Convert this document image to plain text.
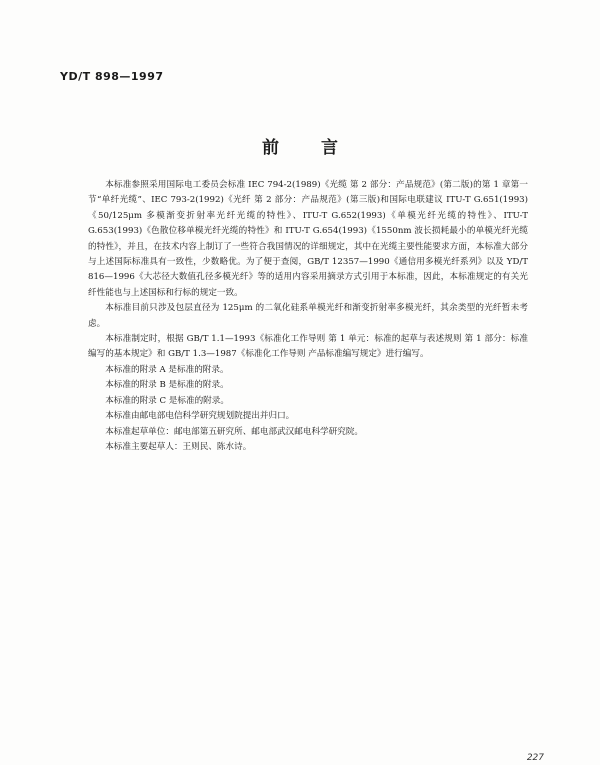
YD/T 898—1997
前言

本标准参照采用国际电工委员会标准 IEC 794-2(1989)《光缆 第 2 部分：产品规范》(第二版)的第 1 章第一节“单纤光缆”、IEC 793-2(1992)《光纤 第 2 部分：产品规范》(第三版)和国际电联建议 ITU-T G.651(1993)《50/125μm 多模渐变折射率光纤光缆的特性》、ITU-T G.652(1993)《单模光纤光缆的特性》、ITU-T G.653(1993)《色散位移单模光纤光缆的特性》和 ITU-T G.654(1993)《1550nm 波长损耗最小的单模光纤光缆的特性》，并且，在技术内容上制订了一些符合我国情况的详细规定，其中在光缆主要性能要求方面，本标准大部分与上述国际标准具有一致性，少数略优。为了便于查阅，GB/T 12357—1990《通信用多模光纤系列》以及 YD/T 816—1996《大芯径大数值孔径多模光纤》等的适用内容采用摘录方式引用于本标准，因此，本标准规定的有关光纤性能也与上述国标和行标的规定一致。

本标准目前只涉及包层直径为 125μm 的二氧化硅系单模光纤和渐变折射率多模光纤，其余类型的光纤暂未考虑。

本标准制定时，根据 GB/T 1.1—1993《标准化工作导则 第 1 单元：标准的起草与表述规则 第 1 部分：标准编写的基本规定》和 GB/T 1.3—1987《标准化工作导则 产品标准编写规定》进行编写。

本标准的附录 A 是标准的附录。

本标准的附录 B 是标准的附录。

本标准的附录 C 是标准的附录。

本标准由邮电部电信科学研究规划院提出并归口。

本标准起草单位：邮电部第五研究所、邮电部武汉邮电科学研究院。

本标准主要起草人：王则民、陈水诗。

227
